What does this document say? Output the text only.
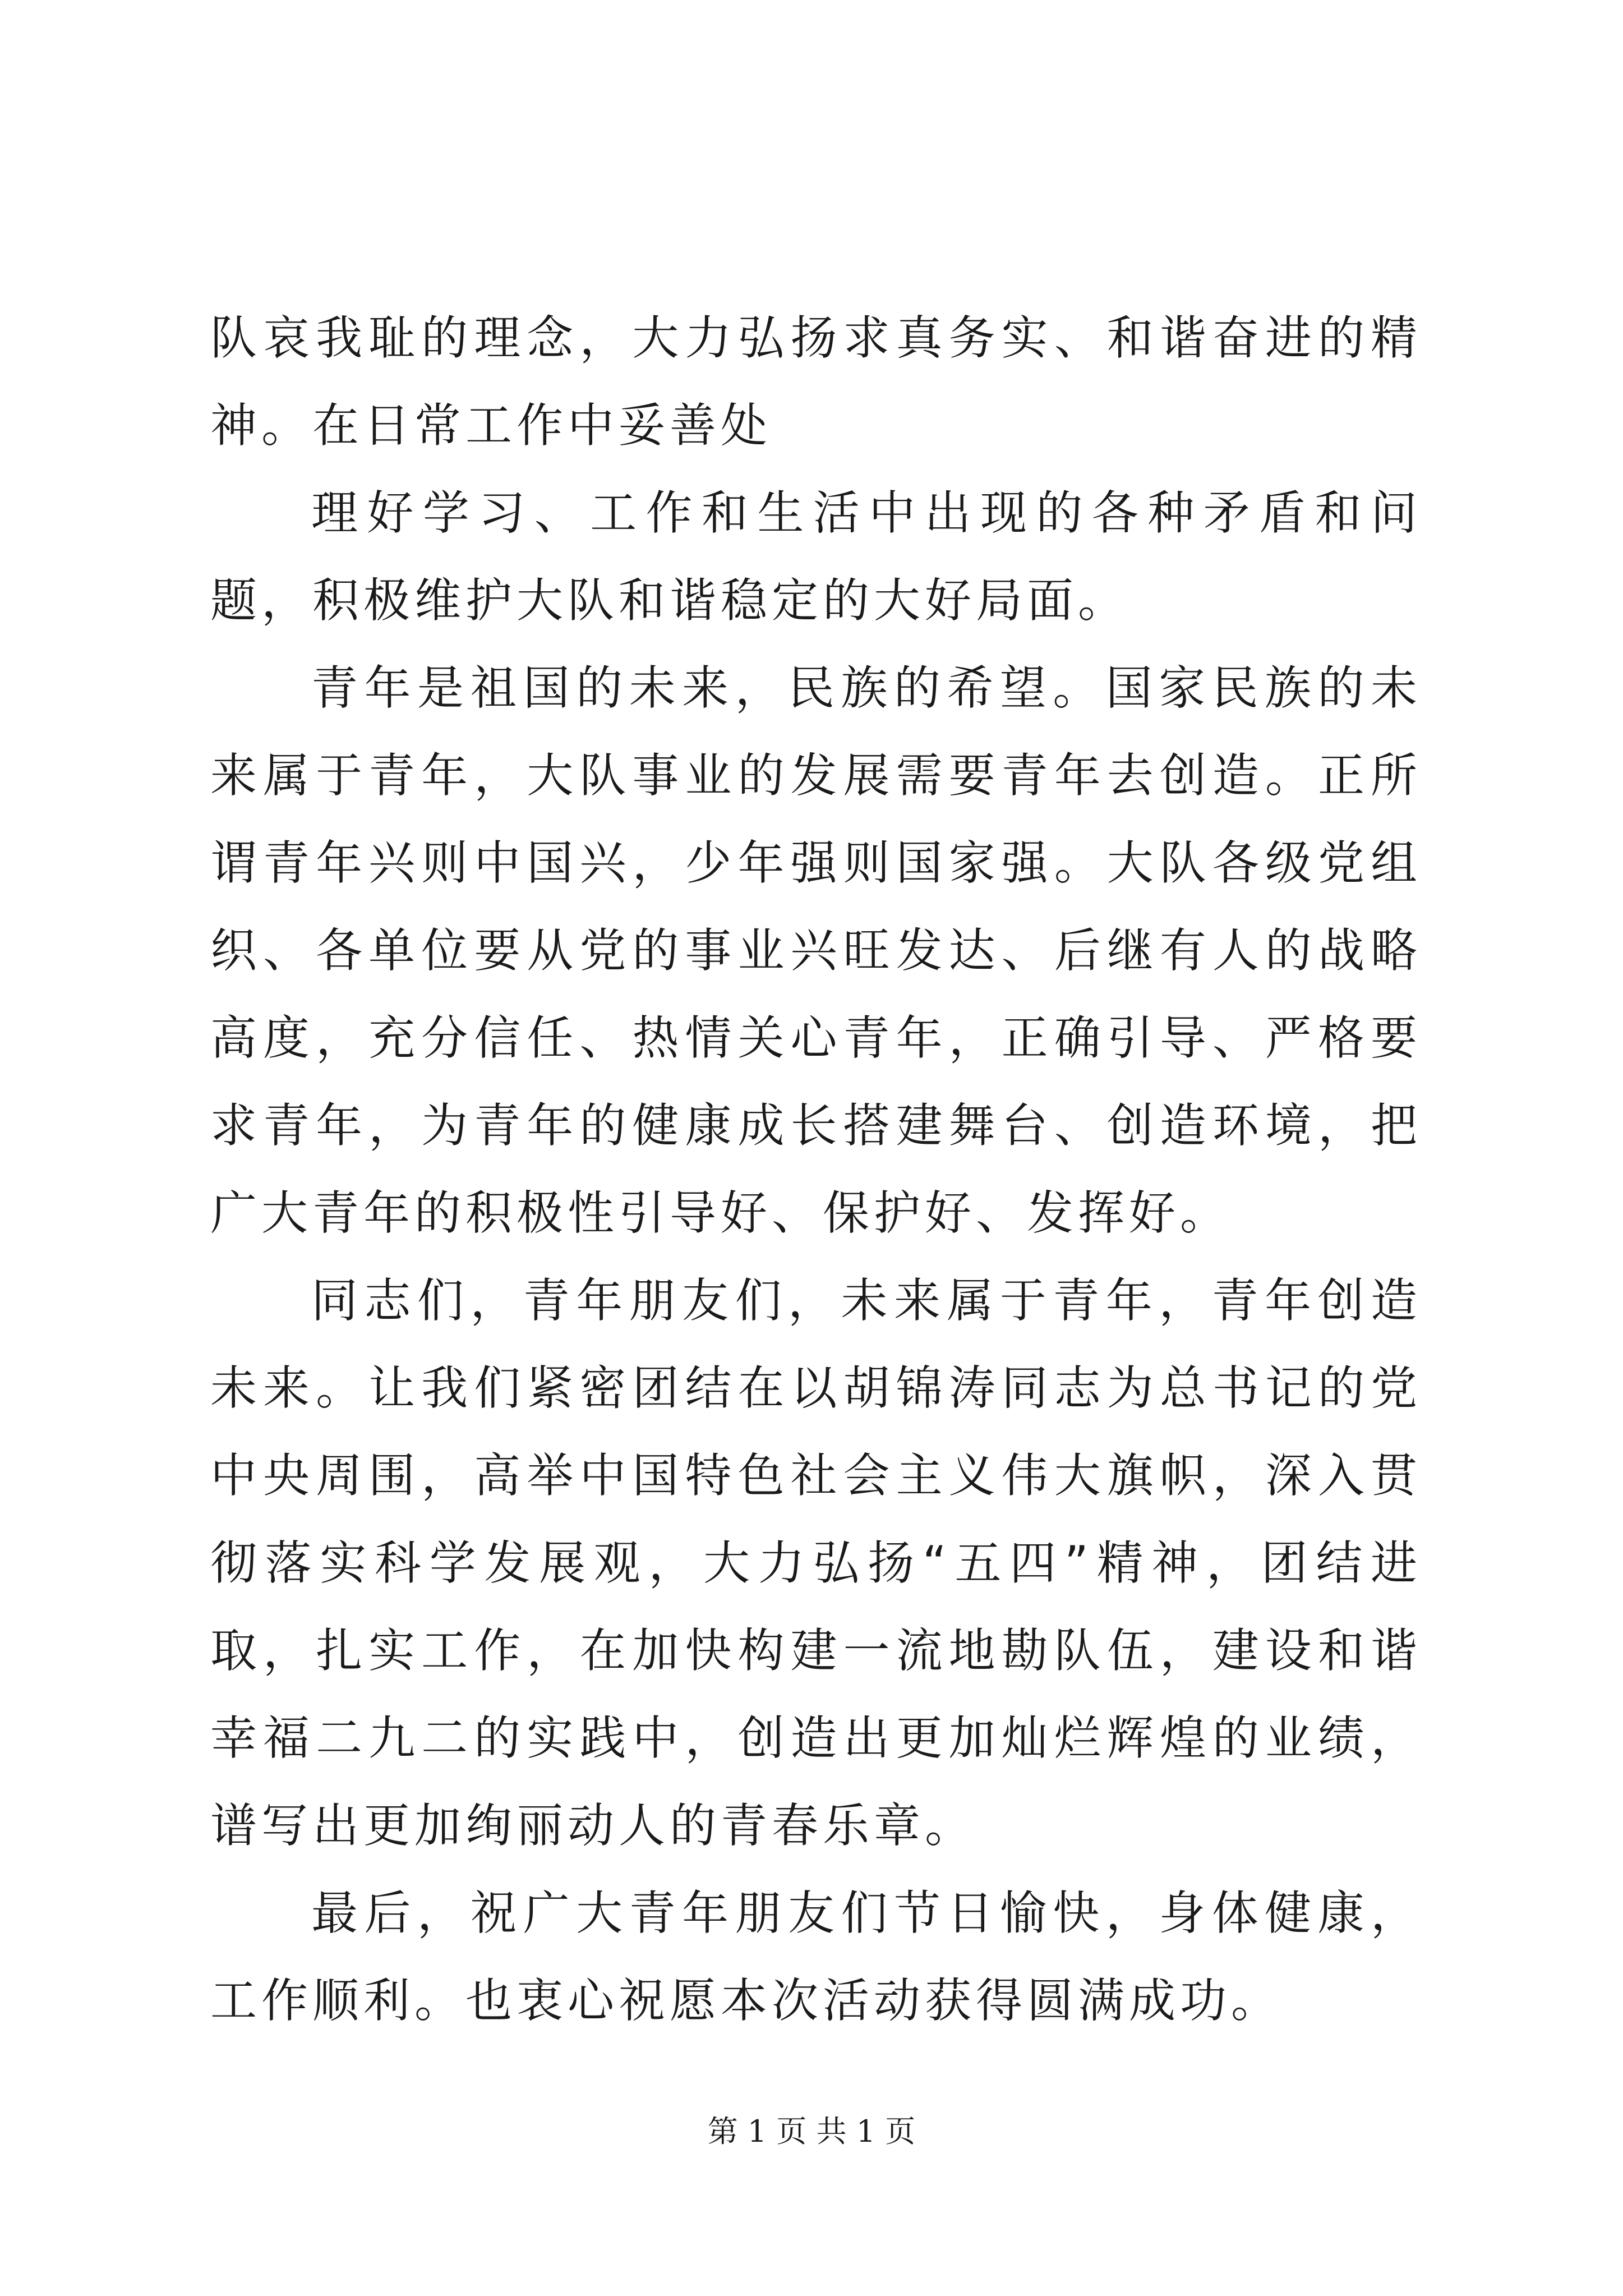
队哀我耻的理念，大力弘扬求真务实、和谐奋进的精神。在日常工作中妥善处

理好学习、工作和生活中出现的各种矛盾和问题，积极维护大队和谐稳定的大好局面。

青年是祖国的未来，民族的希望。国家民族的未来属于青年，大队事业的发展需要青年去创造。正所谓青年兴则中国兴，少年强则国家强。大队各级党组织、各单位要从党的事业兴旺发达、后继有人的战略高度，充分信任、热情关心青年，正确引导、严格要求青年，为青年的健康成长搭建舞台、创造环境，把广大青年的积极性引导好、保护好、发挥好。

同志们，青年朋友们，未来属于青年，青年创造未来。让我们紧密团结在以胡锦涛同志为总书记的党中央周围，高举中国特色社会主义伟大旗帜，深入贯彻落实科学发展观，大力弘扬“五四”精神，团结进取，扎实工作，在加快构建一流地勘队伍，建设和谐幸福二九二的实践中，创造出更加灿烂辉煌的业绩，谱写出更加绚丽动人的青春乐章。

最后，祝广大青年朋友们节日愉快，身体健康，工作顺利。也衷心祝愿本次活动获得圆满成功。

第 1 页 共 1 页
